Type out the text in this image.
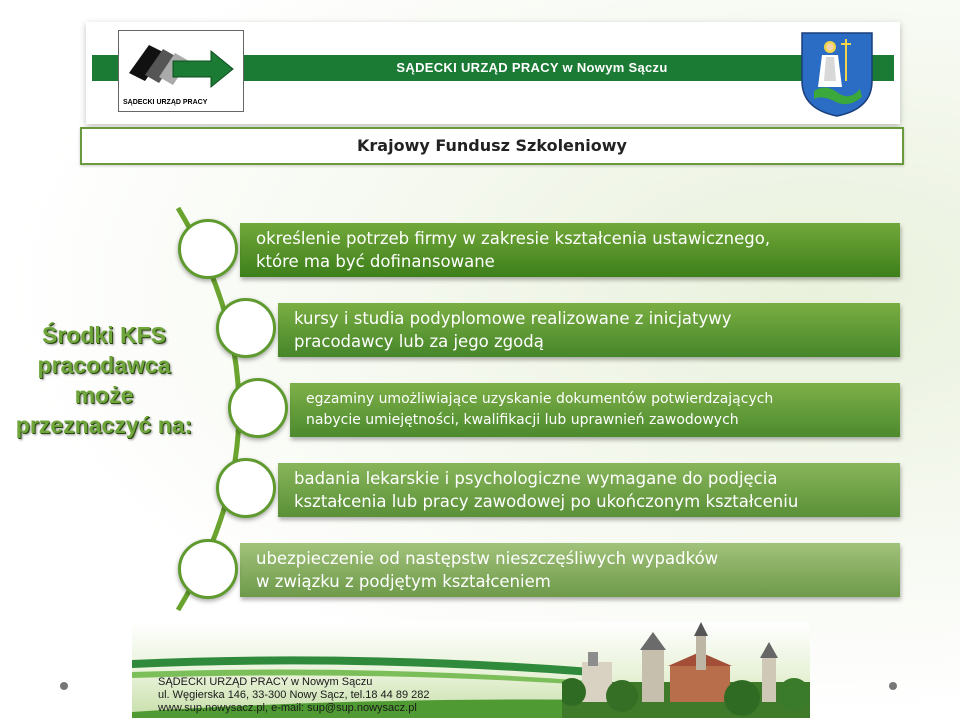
SĄDECKI URZĄD PRACY w Nowym Sączu
SĄDECKI URZĄD PRACY
Krajowy Fundusz Szkoleniowy
Środki KFS
pracodawca
może
przeznaczyć na:
określenie potrzeb firmy w zakresie kształcenia ustawicznego,
które ma być dofinansowane
kursy i studia podyplomowe realizowane z inicjatywy
pracodawcy lub za jego zgodą
egzaminy umożliwiające uzyskanie dokumentów potwierdzających
nabycie umiejętności, kwalifikacji lub uprawnień zawodowych
badania lekarskie i psychologiczne wymagane do podjęcia
kształcenia lub pracy zawodowej po ukończonym kształceniu
ubezpieczenie od następstw nieszczęśliwych wypadków
w związku z podjętym kształceniem
SĄDECKI URZĄD PRACY w Nowym Sączu
ul. Węgierska 146, 33-300 Nowy Sącz, tel.18 44 89 282
www.sup.nowysacz.pl, e-mail: sup@sup.nowysacz.pl
